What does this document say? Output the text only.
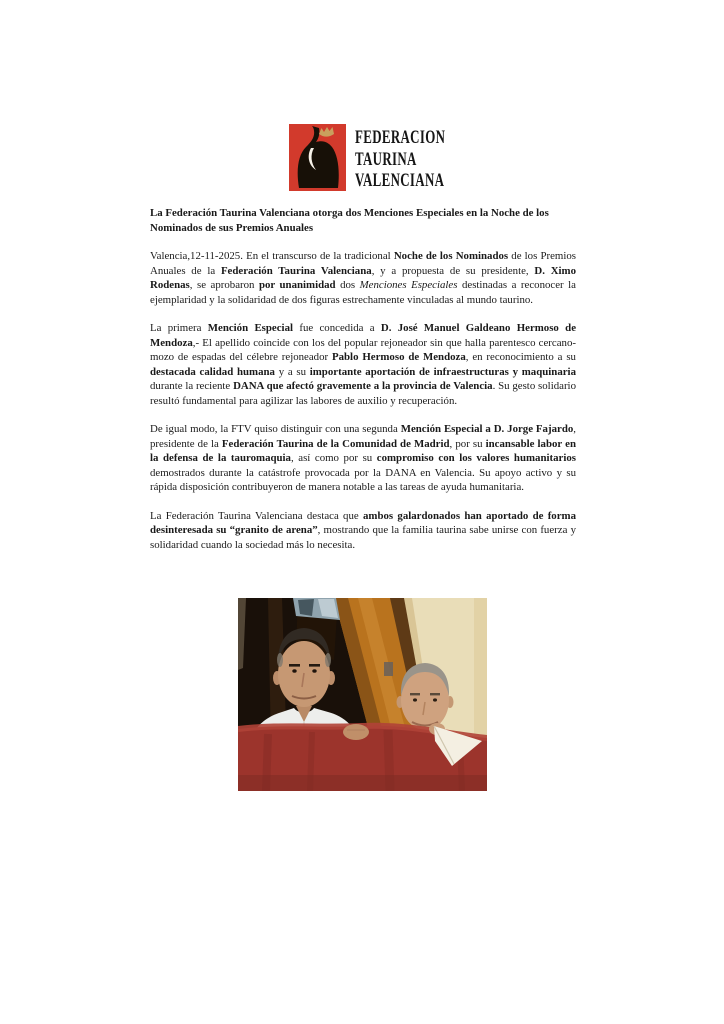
FEDERACION
TAURINA
VALENCIANA
La Federación Taurina Valenciana otorga dos Menciones Especiales en la Noche de los Nominados de sus Premios Anuales

Valencia,12-11-2025. En el transcurso de la tradicional Noche de los Nominados de los Premios Anuales de la Federación Taurina Valenciana, y a propuesta de su presidente, D. Ximo Rodenas, se aprobaron por unanimidad dos Menciones Especiales destinadas a reconocer la ejemplaridad y la solidaridad de dos figuras estrechamente vinculadas al mundo taurino.

La primera Mención Especial fue concedida a D. José Manuel Galdeano Hermoso de Mendoza,- El apellido coincide con los del popular rejoneador sin que halla parentesco cercano- mozo de espadas del célebre rejoneador Pablo Hermoso de Mendoza, en reconocimiento a su destacada calidad humana y a su importante aportación de infraestructuras y maquinaria durante la reciente DANA que afectó gravemente a la provincia de Valencia. Su gesto solidario resultó fundamental para agilizar las labores de auxilio y recuperación.

De igual modo, la FTV quiso distinguir con una segunda Mención Especial a D. Jorge Fajardo, presidente de la Federación Taurina de la Comunidad de Madrid, por su incansable labor en la defensa de la tauromaquia, así como por su compromiso con los valores humanitarios demostrados durante la catástrofe provocada por la DANA en Valencia. Su apoyo activo y su rápida disposición contribuyeron de manera notable a las tareas de ayuda humanitaria.

La Federación Taurina Valenciana destaca que ambos galardonados han aportado de forma desinteresada su “granito de arena”, mostrando que la familia taurina sabe unirse con fuerza y solidaridad cuando la sociedad más lo necesita.
